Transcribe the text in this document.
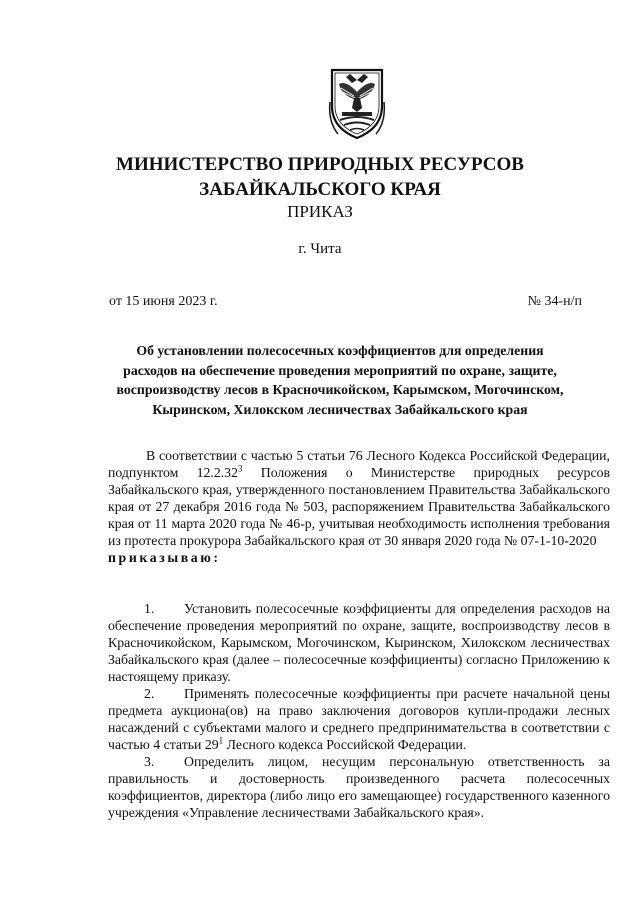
МИНИСТЕРСТВО ПРИРОДНЫХ РЕСУРСОВ
ЗАБАЙКАЛЬСКОГО КРАЯ
ПРИКАЗ
г. Чита
от 15 июня 2023 г.	№ 34-н/п
Об установлении полесосечных коэффициентов для определения
расходов на обеспечение проведения мероприятий по охране, защите,
воспроизводству лесов в Красночикойском, Карымском, Могочинском,
Кыринском, Хилокском лесничествах Забайкальского края
В соответствии с частью 5 статьи 76 Лесного Кодекса Российской Федерации, подпунктом 12.2.32$^3$ Положения о Министерстве природных ресурсов Забайкальского края, утвержденного постановлением Правительства Забайкальского края от 27 декабря 2016 года № 503, распоряжением Правительства Забайкальского края от 11 марта 2020 года № 46-р, учитывая необходимость исполнения требования из протеста прокурора Забайкальского края от 30 января 2020 года № 07-1-10-2020
приказываю:
1. Установить полесосечные коэффициенты для определения расходов на обеспечение проведения мероприятий по охране, защите, воспроизводству лесов в Красночикойском, Карымском, Могочинском, Кыринском, Хилокском лесничествах Забайкальского края (далее – полесосечные коэффициенты) согласно Приложению к настоящему приказу.
2. Применять полесосечные коэффициенты при расчете начальной цены предмета аукциона(ов) на право заключения договоров купли-продажи лесных насаждений с субъектами малого и среднего предпринимательства в соответствии с частью 4 статьи $29^1$ Лесного кодекса Российской Федерации.
3. Определить лицом, несущим персональную ответственность за правильность и достоверность произведенного расчета полесосечных коэффициентов, директора (либо лицо его замещающее) государственного казенного учреждения «Управление лесничествами Забайкальского края».
